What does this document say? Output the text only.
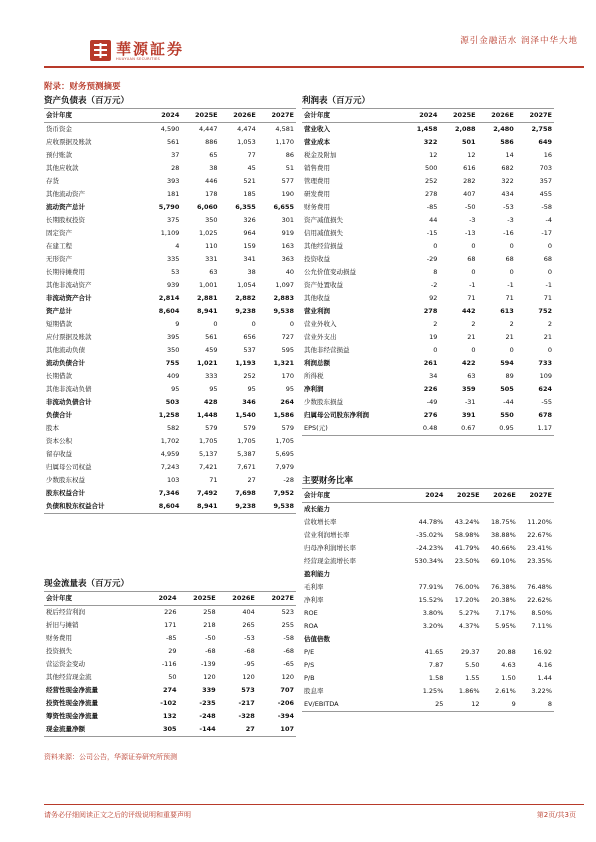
源引金融活水 润泽中华大地
華源証券
HUAYUAN SECURITIES
附录：财务预测摘要
资产负债表（百万元）
会计年度	2024	2025E	2026E	2027E
货币资金	4,590	4,447	4,474	4,581
应收票据及账款	561	886	1,053	1,170
预付账款	37	65	77	86
其他应收款	28	38	45	51
存货	393	446	521	577
其他流动资产	181	178	185	190
流动资产总计	5,790	6,060	6,355	6,655
长期股权投资	375	350	326	301
固定资产	1,109	1,025	964	919
在建工程	4	110	159	163
无形资产	335	331	341	363
长期待摊费用	53	63	38	40
其他非流动资产	939	1,001	1,054	1,097
非流动资产合计	2,814	2,881	2,882	2,883
资产总计	8,604	8,941	9,238	9,538
短期借款	9	0	0	0
应付票据及账款	395	561	656	727
其他流动负债	350	459	537	595
流动负债合计	755	1,021	1,193	1,321
长期借款	409	333	252	170
其他非流动负债	95	95	95	95
非流动负债合计	503	428	346	264
负债合计	1,258	1,448	1,540	1,586
股本	582	579	579	579
资本公积	1,702	1,705	1,705	1,705
留存收益	4,959	5,137	5,387	5,695
归属母公司权益	7,243	7,421	7,671	7,979
少数股东权益	103	71	27	-28
股东权益合计	7,346	7,492	7,698	7,952
负债和股东权益合计	8,604	8,941	9,238	9,538
利润表（百万元）
会计年度	2024	2025E	2026E	2027E
营业收入	1,458	2,088	2,480	2,758
营业成本	322	501	586	649
税金及附加	12	12	14	16
销售费用	500	616	682	703
管理费用	252	282	322	357
研发费用	278	407	434	455
财务费用	-85	-50	-53	-58
资产减值损失	44	-3	-3	-4
信用减值损失	-15	-13	-16	-17
其他经营损益	0	0	0	0
投资收益	-29	68	68	68
公允价值变动损益	8	0	0	0
资产处置收益	-2	-1	-1	-1
其他收益	92	71	71	71
营业利润	278	442	613	752
营业外收入	2	2	2	2
营业外支出	19	21	21	21
其他非经营损益	0	0	0	0
利润总额	261	422	594	733
所得税	34	63	89	109
净利润	226	359	505	624
少数股东损益	-49	-31	-44	-55
归属母公司股东净利润	276	391	550	678
EPS(元)	0.48	0.67	0.95	1.17
主要财务比率
会计年度	2024	2025E	2026E	2027E
成长能力				
营收增长率	44.78%	43.24%	18.75%	11.20%
营业利润增长率	-35.02%	58.98%	38.88%	22.67%
归母净利润增长率	-24.23%	41.79%	40.66%	23.41%
经营现金流增长率	530.34%	23.50%	69.10%	23.35%
盈利能力				
毛利率	77.91%	76.00%	76.38%	76.48%
净利率	15.52%	17.20%	20.38%	22.62%
ROE	3.80%	5.27%	7.17%	8.50%
ROA	3.20%	4.37%	5.95%	7.11%
估值倍数				
P/E	41.65	29.37	20.88	16.92
P/S	7.87	5.50	4.63	4.16
P/B	1.58	1.55	1.50	1.44
股息率	1.25%	1.86%	2.61%	3.22%
EV/EBITDA	25	12	9	8
现金流量表（百万元）
会计年度	2024	2025E	2026E	2027E
税后经营利润	226	258	404	523
折旧与摊销	171	218	265	255
财务费用	-85	-50	-53	-58
投资损失	29	-68	-68	-68
营运资金变动	-116	-139	-95	-65
其他经营现金流	50	120	120	120
经营性现金净流量	274	339	573	707
投资性现金净流量	-102	-235	-217	-206
筹资性现金净流量	132	-248	-328	-394
现金流量净额	305	-144	27	107
资料来源：公司公告，华源证券研究所预测
请务必仔细阅读正文之后的评级说明和重要声明	第2页/共3页
